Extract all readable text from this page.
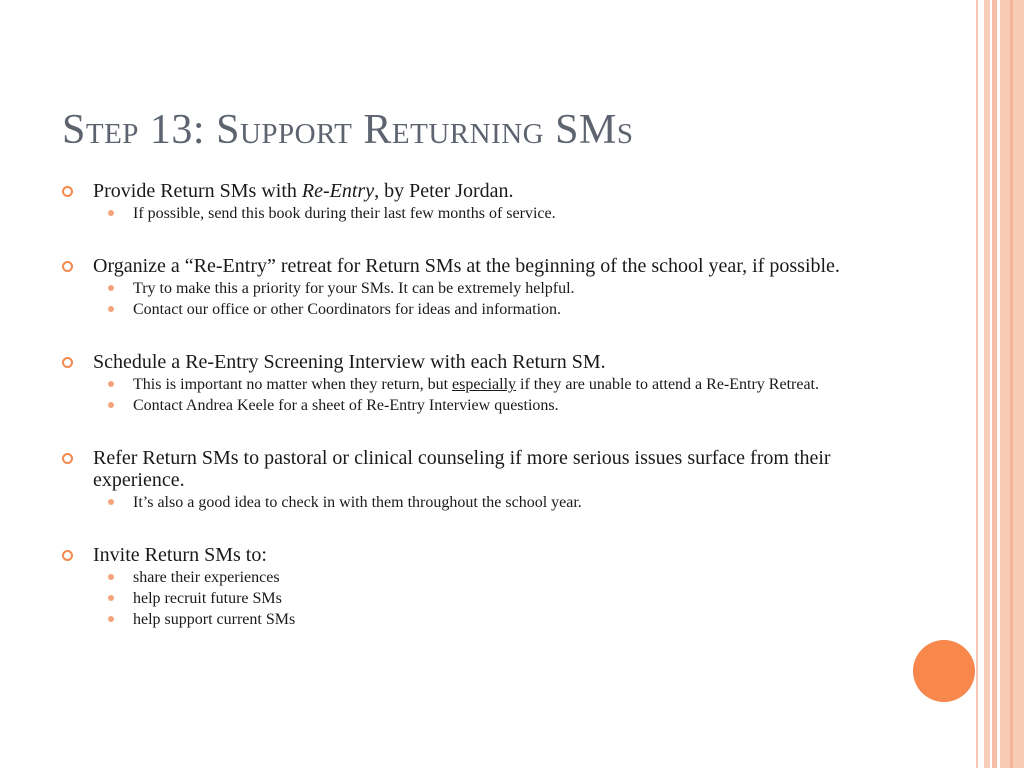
Step 13: Support Returning SMs

Provide Return SMs with Re-Entry, by Peter Jordan.

If possible, send this book during their last few months of service.

Organize a “Re-Entry” retreat for Return SMs at the beginning of the school year, if possible.

Try to make this a priority for your SMs. It can be extremely helpful.

Contact our office or other Coordinators for ideas and information.

Schedule a Re-Entry Screening Interview with each Return SM.

This is important no matter when they return, but especially if they are unable to attend a Re-Entry Retreat.

Contact Andrea Keele for a sheet of Re-Entry Interview questions.

Refer Return SMs to pastoral or clinical counseling if more serious issues surface from their experience.

It’s also a good idea to check in with them throughout the school year.

Invite Return SMs to:

share their experiences

help recruit future SMs

help support current SMs
